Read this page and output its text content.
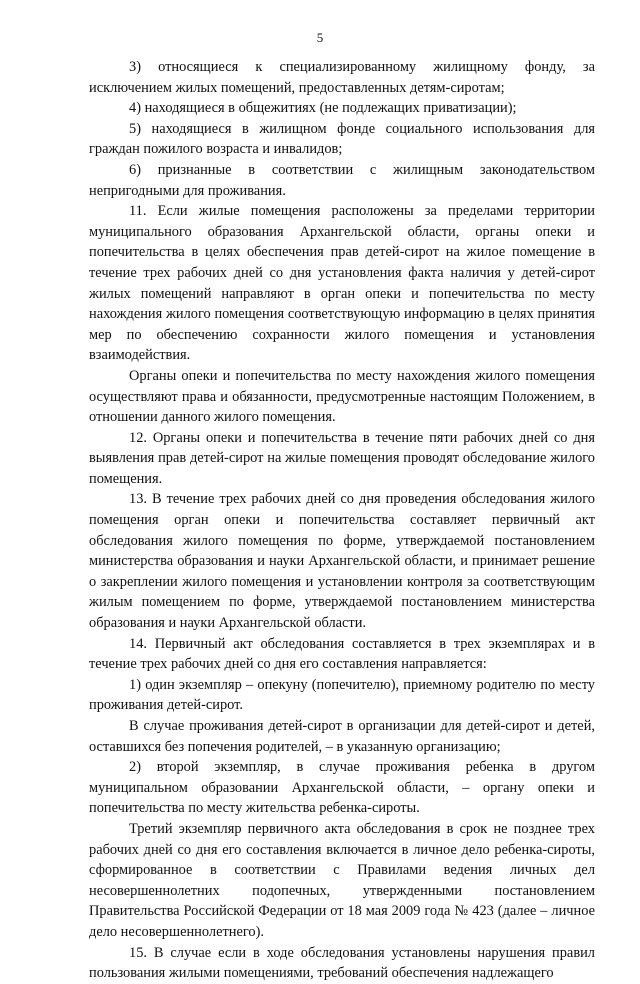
5

3) относящиеся к специализированному жилищному фонду, за исключением жилых помещений, предоставленных детям-сиротам;

4) находящиеся в общежитиях (не подлежащих приватизации);

5) находящиеся в жилищном фонде социального использования для граждан пожилого возраста и инвалидов;

6) признанные в соответствии с жилищным законодательством непригодными для проживания.

11. Если жилые помещения расположены за пределами территории муниципального образования Архангельской области, органы опеки и попечительства в целях обеспечения прав детей-сирот на жилое помещение в течение трех рабочих дней со дня установления факта наличия у детей-сирот жилых помещений направляют в орган опеки и попечительства по месту нахождения жилого помещения соответствующую информацию в целях принятия мер по обеспечению сохранности жилого помещения и установления взаимодействия.

Органы опеки и попечительства по месту нахождения жилого помещения осуществляют права и обязанности, предусмотренные настоящим Положением, в отношении данного жилого помещения.

12. Органы опеки и попечительства в течение пяти рабочих дней со дня выявления прав детей-сирот на жилые помещения проводят обследование жилого помещения.

13. В течение трех рабочих дней со дня проведения обследования жилого помещения орган опеки и попечительства составляет первичный акт обследования жилого помещения по форме, утверждаемой постановлением министерства образования и науки Архангельской области, и принимает решение о закреплении жилого помещения и установлении контроля за соответствующим жилым помещением по форме, утверждаемой постановлением министерства образования и науки Архангельской области.

14. Первичный акт обследования составляется в трех экземплярах и в течение трех рабочих дней со дня его составления направляется:

1) один экземпляр – опекуну (попечителю), приемному родителю по месту проживания детей-сирот.

В случае проживания детей-сирот в организации для детей-сирот и детей, оставшихся без попечения родителей, – в указанную организацию;

2) второй экземпляр, в случае проживания ребенка в другом муниципальном образовании Архангельской области, – органу опеки и попечительства по месту жительства ребенка-сироты.

Третий экземпляр первичного акта обследования в срок не позднее трех рабочих дней со дня его составления включается в личное дело ребенка-сироты, сформированное в соответствии с Правилами ведения личных дел несовершеннолетних подопечных, утвержденными постановлением Правительства Российской Федерации от 18 мая 2009 года № 423 (далее – личное дело несовершеннолетнего).

15. В случае если в ходе обследования установлены нарушения правил пользования жилыми помещениями, требований обеспечения надлежащего
